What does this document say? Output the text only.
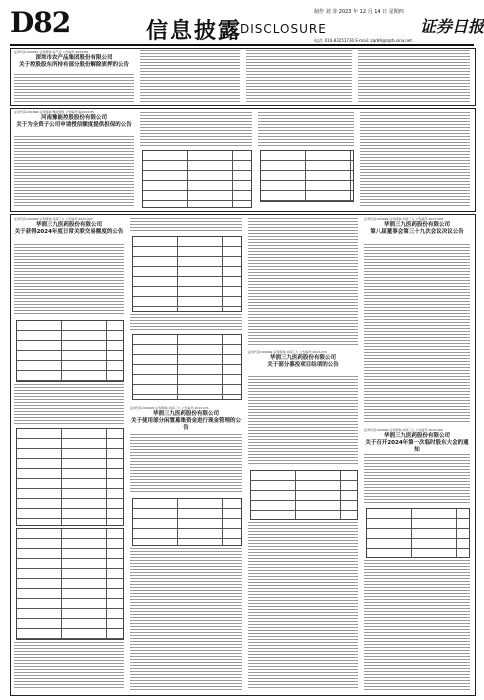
D82	信息披露
DISCLOSURE
制作 刘 菲 2023 年 12 月 14 日 星期四
电话: 010-83251730 E-mail: zqrb9@zqrb.sina.net
证券日报
证券代码:000061 证券简称:农产品 公告编号:2023-89
深圳市农产品集团股份有限公司
关于控股股东所持有部分股份解除质押的公告
证券代码:001896 证券简称:豫能控股 公告编号:临2023-85
河南豫能控股股份有限公司
关于为全资子公司申请授信额度提供担保的公告
证券代码:000999 证券简称:华润三九 公告编号:2023-067
华润三九医药股份有限公司
关于获得2024年度日常关联交易额度的公告
证券代码:000999 证券简称:华润三九 公告编号:2023-071
华润三九医药股份有限公司
关于使用部分闲置募集资金进行现金管理的公告
证券代码:000999 证券简称:华润三九 公告编号:2023-070
华润三九医药股份有限公司
关于部分募投项目结项的公告
证券代码:000999 证券简称:华润三九 公告编号:2023-068
华润三九医药股份有限公司
第八届董事会第三十九次会议决议公告
证券代码:000999 证券简称:华润三九 公告编号:2023-069
华润三九医药股份有限公司
关于召开2024年第一次临时股东大会的通知
